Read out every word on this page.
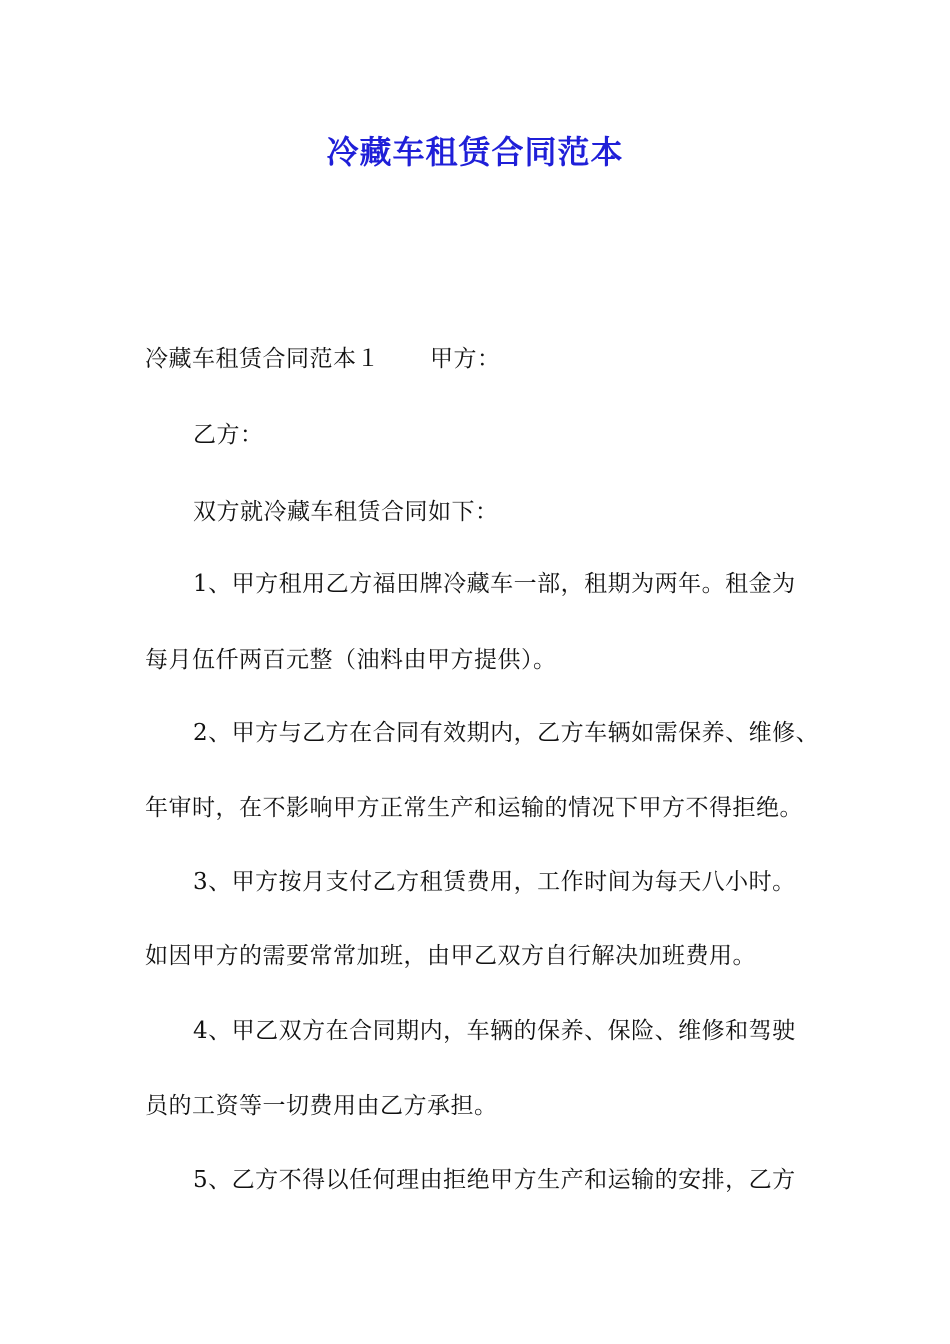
冷藏车租赁合同范本
冷藏车租赁合同范本１ 甲方：
乙方：
双方就冷藏车租赁合同如下：
1、甲方租用乙方福田牌冷藏车一部，租期为两年。租金为
每月伍仟两百元整（油料由甲方提供）。
2、甲方与乙方在合同有效期内，乙方车辆如需保养、维修、
年审时，在不影响甲方正常生产和运输的情况下甲方不得拒绝。
3、甲方按月支付乙方租赁费用，工作时间为每天八小时。
如因甲方的需要常常加班，由甲乙双方自行解决加班费用。
4、甲乙双方在合同期内，车辆的保养、保险、维修和驾驶
员的工资等一切费用由乙方承担。
5、乙方不得以任何理由拒绝甲方生产和运输的安排，乙方
